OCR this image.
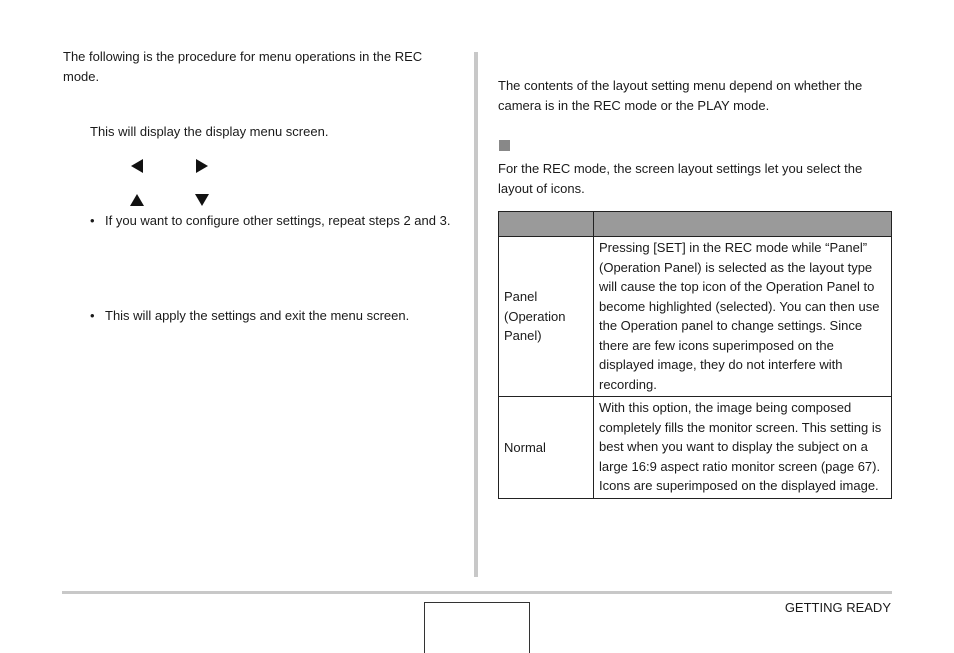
The following is the procedure for menu operations in the REC mode.
This will display the display menu screen.
• If you want to configure other settings, repeat steps 2 and 3.
• This will apply the settings and exit the menu screen.
The contents of the layout setting menu depend on whether the camera is in the REC mode or the PLAY mode.
For the REC mode, the screen layout settings let you select the layout of icons.

Panel (Operation Panel)	Pressing [SET] in the REC mode while “Panel” (Operation Panel) is selected as the layout type will cause the top icon of the Operation Panel to become highlighted (selected). You can then use the Operation panel to change settings. Since there are few icons superimposed on the displayed image, they do not interfere with recording.
Normal	With this option, the image being composed completely fills the monitor screen. This setting is best when you want to display the subject on a large 16:9 aspect ratio monitor screen (page 67). Icons are superimposed on the displayed image.
GETTING READY
